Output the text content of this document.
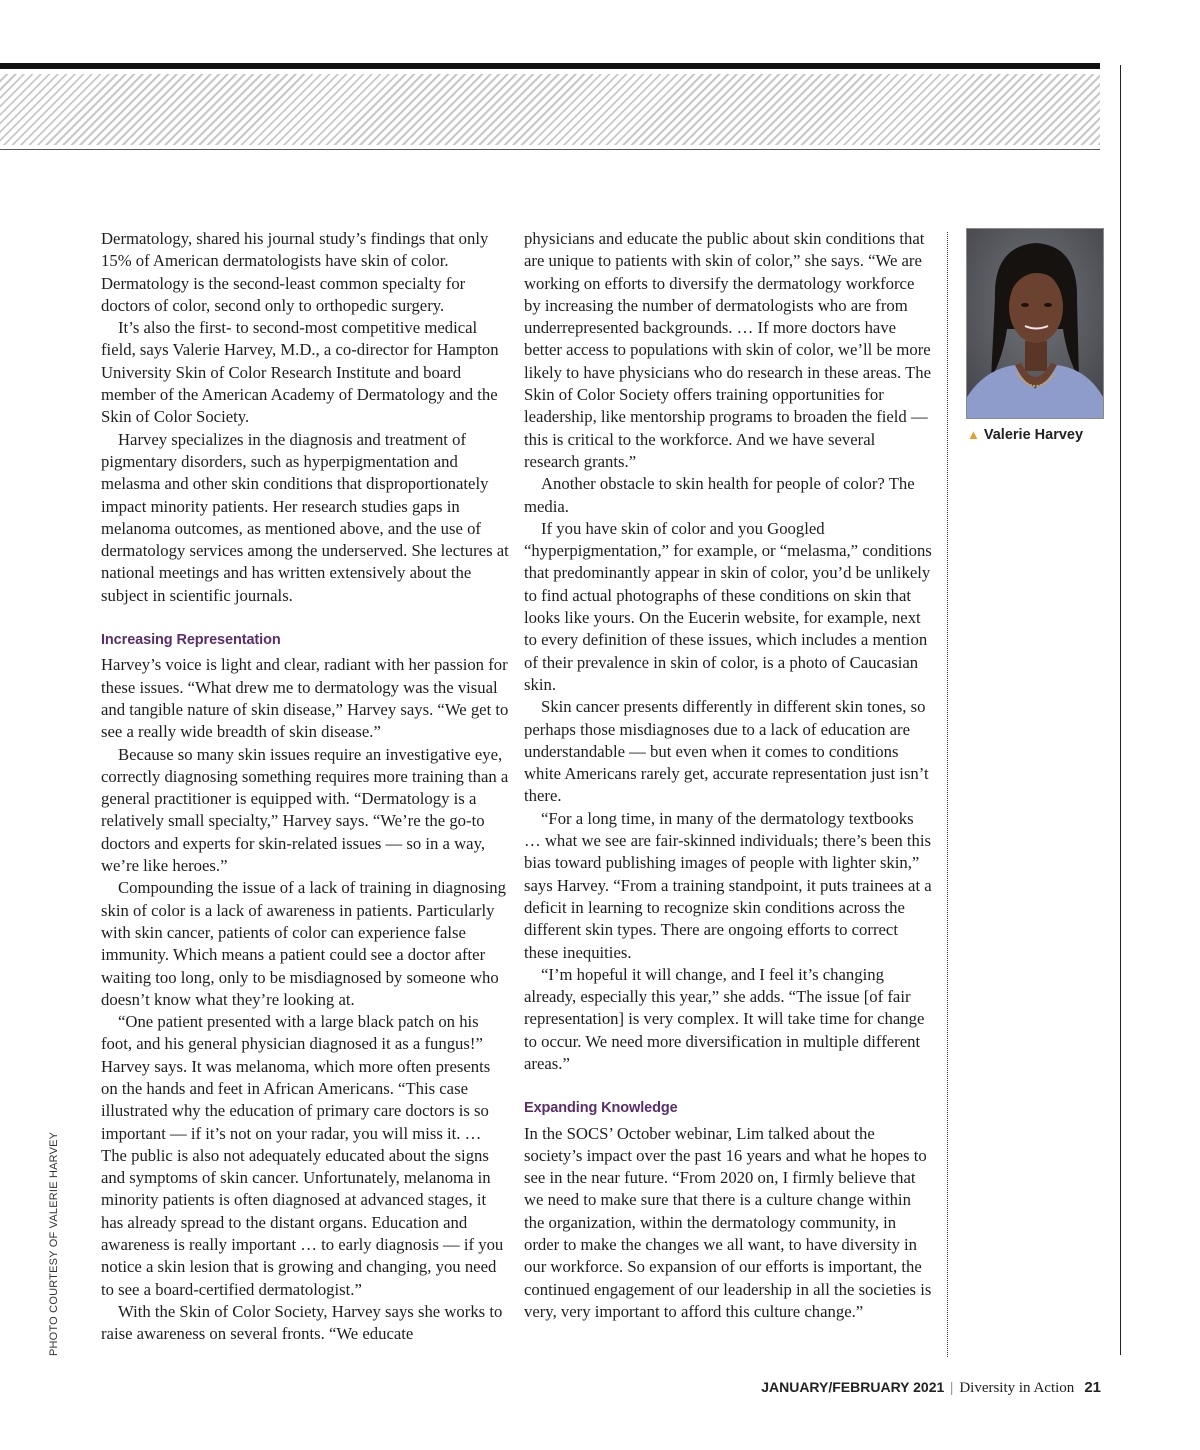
Dermatology, shared his journal study’s findings that only 15% of American dermatologists have skin of color. Dermatology is the second-least common specialty for doctors of color, second only to orthopedic surgery.

It’s also the first- to second-most competitive medical field, says Valerie Harvey, M.D., a co-director for Hampton University Skin of Color Research Institute and board member of the American Academy of Dermatology and the Skin of Color Society.

Harvey specializes in the diagnosis and treatment of pigmentary disorders, such as hyperpigmentation and melasma and other skin conditions that disproportionately impact minority patients. Her research studies gaps in melanoma outcomes, as mentioned above, and the use of dermatology services among the underserved. She lectures at national meetings and has written extensively about the subject in scientific journals.

Increasing Representation

Harvey’s voice is light and clear, radiant with her passion for these issues. “What drew me to dermatology was the visual and tangible nature of skin disease,” Harvey says. “We get to see a really wide breadth of skin disease.”

Because so many skin issues require an investigative eye, correctly diagnosing something requires more training than a general practitioner is equipped with. “Dermatology is a relatively small specialty,” Harvey says. “We’re the go-to doctors and experts for skin-related issues — so in a way, we’re like heroes.”

Compounding the issue of a lack of training in diagnosing skin of color is a lack of awareness in patients. Particularly with skin cancer, patients of color can experience false immunity. Which means a patient could see a doctor after waiting too long, only to be misdiagnosed by someone who doesn’t know what they’re looking at.

“One patient presented with a large black patch on his foot, and his general physician diagnosed it as a fungus!” Harvey says. It was melanoma, which more often presents on the hands and feet in African Americans. “This case illustrated why the education of primary care doctors is so important — if it’s not on your radar, you will miss it. … The public is also not adequately educated about the signs and symptoms of skin cancer. Unfortunately, melanoma in minority patients is often diagnosed at advanced stages, it has already spread to the distant organs. Education and awareness is really important … to early diagnosis — if you notice a skin lesion that is growing and changing, you need to see a board-certified dermatologist.”

With the Skin of Color Society, Harvey says she works to raise awareness on several fronts. “We educate

physicians and educate the public about skin conditions that are unique to patients with skin of color,” she says. “We are working on efforts to diversify the dermatology workforce by increasing the number of dermatologists who are from underrepresented backgrounds. … If more doctors have better access to populations with skin of color, we’ll be more likely to have physicians who do research in these areas. The Skin of Color Society offers training opportunities for leadership, like mentorship programs to broaden the field — this is critical to the workforce. And we have several research grants.”

Another obstacle to skin health for people of color? The media.

If you have skin of color and you Googled “hyperpigmentation,” for example, or “melasma,” conditions that predominantly appear in skin of color, you’d be unlikely to find actual photographs of these conditions on skin that looks like yours. On the Eucerin website, for example, next to every definition of these issues, which includes a mention of their prevalence in skin of color, is a photo of Caucasian skin.

Skin cancer presents differently in different skin tones, so perhaps those misdiagnoses due to a lack of education are understandable — but even when it comes to conditions white Americans rarely get, accurate representation just isn’t there.

“For a long time, in many of the dermatology textbooks … what we see are fair-skinned individuals; there’s been this bias toward publishing images of people with lighter skin,” says Harvey. “From a training standpoint, it puts trainees at a deficit in learning to recognize skin conditions across the different skin types. There are ongoing efforts to correct these inequities.

“I’m hopeful it will change, and I feel it’s changing already, especially this year,” she adds. “The issue [of fair representation] is very complex. It will take time for change to occur. We need more diversification in multiple different areas.”

Expanding Knowledge

In the SOCS’ October webinar, Lim talked about the society’s impact over the past 16 years and what he hopes to see in the near future. “From 2020 on, I firmly believe that we need to make sure that there is a culture change within the organization, within the dermatology community, in order to make the changes we all want, to have diversity in our workforce. So expansion of our efforts is important, the continued engagement of our leadership in all the societies is very, very important to afford this culture change.”

▲ Valerie Harvey
PHOTO COURTESY OF VALERIE HARVEY
JANUARY/FEBRUARY 2021 | Diversity in Action 21
